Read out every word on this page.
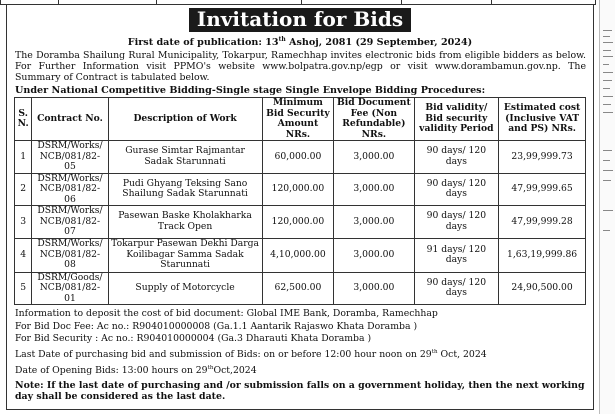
Invitation for Bids
First date of publication: 13th Ashoj, 2081 (29 September, 2024)
The Doramba Shailung Rural Municipality, Tokarpur, Ramechhap invites electronic bids from eligible bidders as below. For Further Information visit PPMO's website www.bolpatra.gov.np/egp or visit www.dorambamun.gov.np. The Summary of Contract is tabulated below.
Under National Competitive Bidding-Single stage Single Envelope Bidding Procedures:
S. N.	Contract No.	Description of Work	Minimum Bid Security Amount NRs.	Bid Document Fee (Non Refundable) NRs.	Bid validity/ Bid security validity Period	Estimated cost (Inclusive VAT and PS) NRs.
1	DSRM/Works/ NCB/081/82-05	Gurase Simtar Rajmantar Sadak Starunnati	60,000.00	3,000.00	90 days/ 120 days	23,99,999.73
2	DSRM/Works/ NCB/081/82-06	Pudi Ghyang Teksing Sano Shailung Sadak Starunnati	120,000.00	3,000.00	90 days/ 120 days	47,99,999.65
3	DSRM/Works/ NCB/081/82-07	Pasewan Baske Kholakharka Track Open	120,000.00	3,000.00	90 days/ 120 days	47,99,999.28
4	DSRM/Works/ NCB/081/82-08	Tokarpur Pasewan Dekhi Darga Koilibagar Samma Sadak Starunnati	4,10,000.00	3,000.00	91 days/ 120 days	1,63,19,999.86
5	DSRM/Goods/ NCB/081/82-01	Supply of Motorcycle	62,500.00	3,000.00	90 days/ 120 days	24,90,500.00
Information to deposit the cost of bid document: Global IME Bank, Doramba, Ramechhap
For Bid Doc Fee: Ac no.: R904010000008 (Ga.1.1 Aantarik Rajaswo Khata Doramba )
For Bid Security : Ac no.: R904010000004 (Ga.3 Dharauti Khata Doramba )
Last Date of purchasing bid and submission of Bids: on or before 12:00 hour noon on 29th Oct, 2024
Date of Opening Bids: 13:00 hours on 29thOct,2024
Note: If the last date of purchasing and /or submission falls on a government holiday, then the next working day shall be considered as the last date.
